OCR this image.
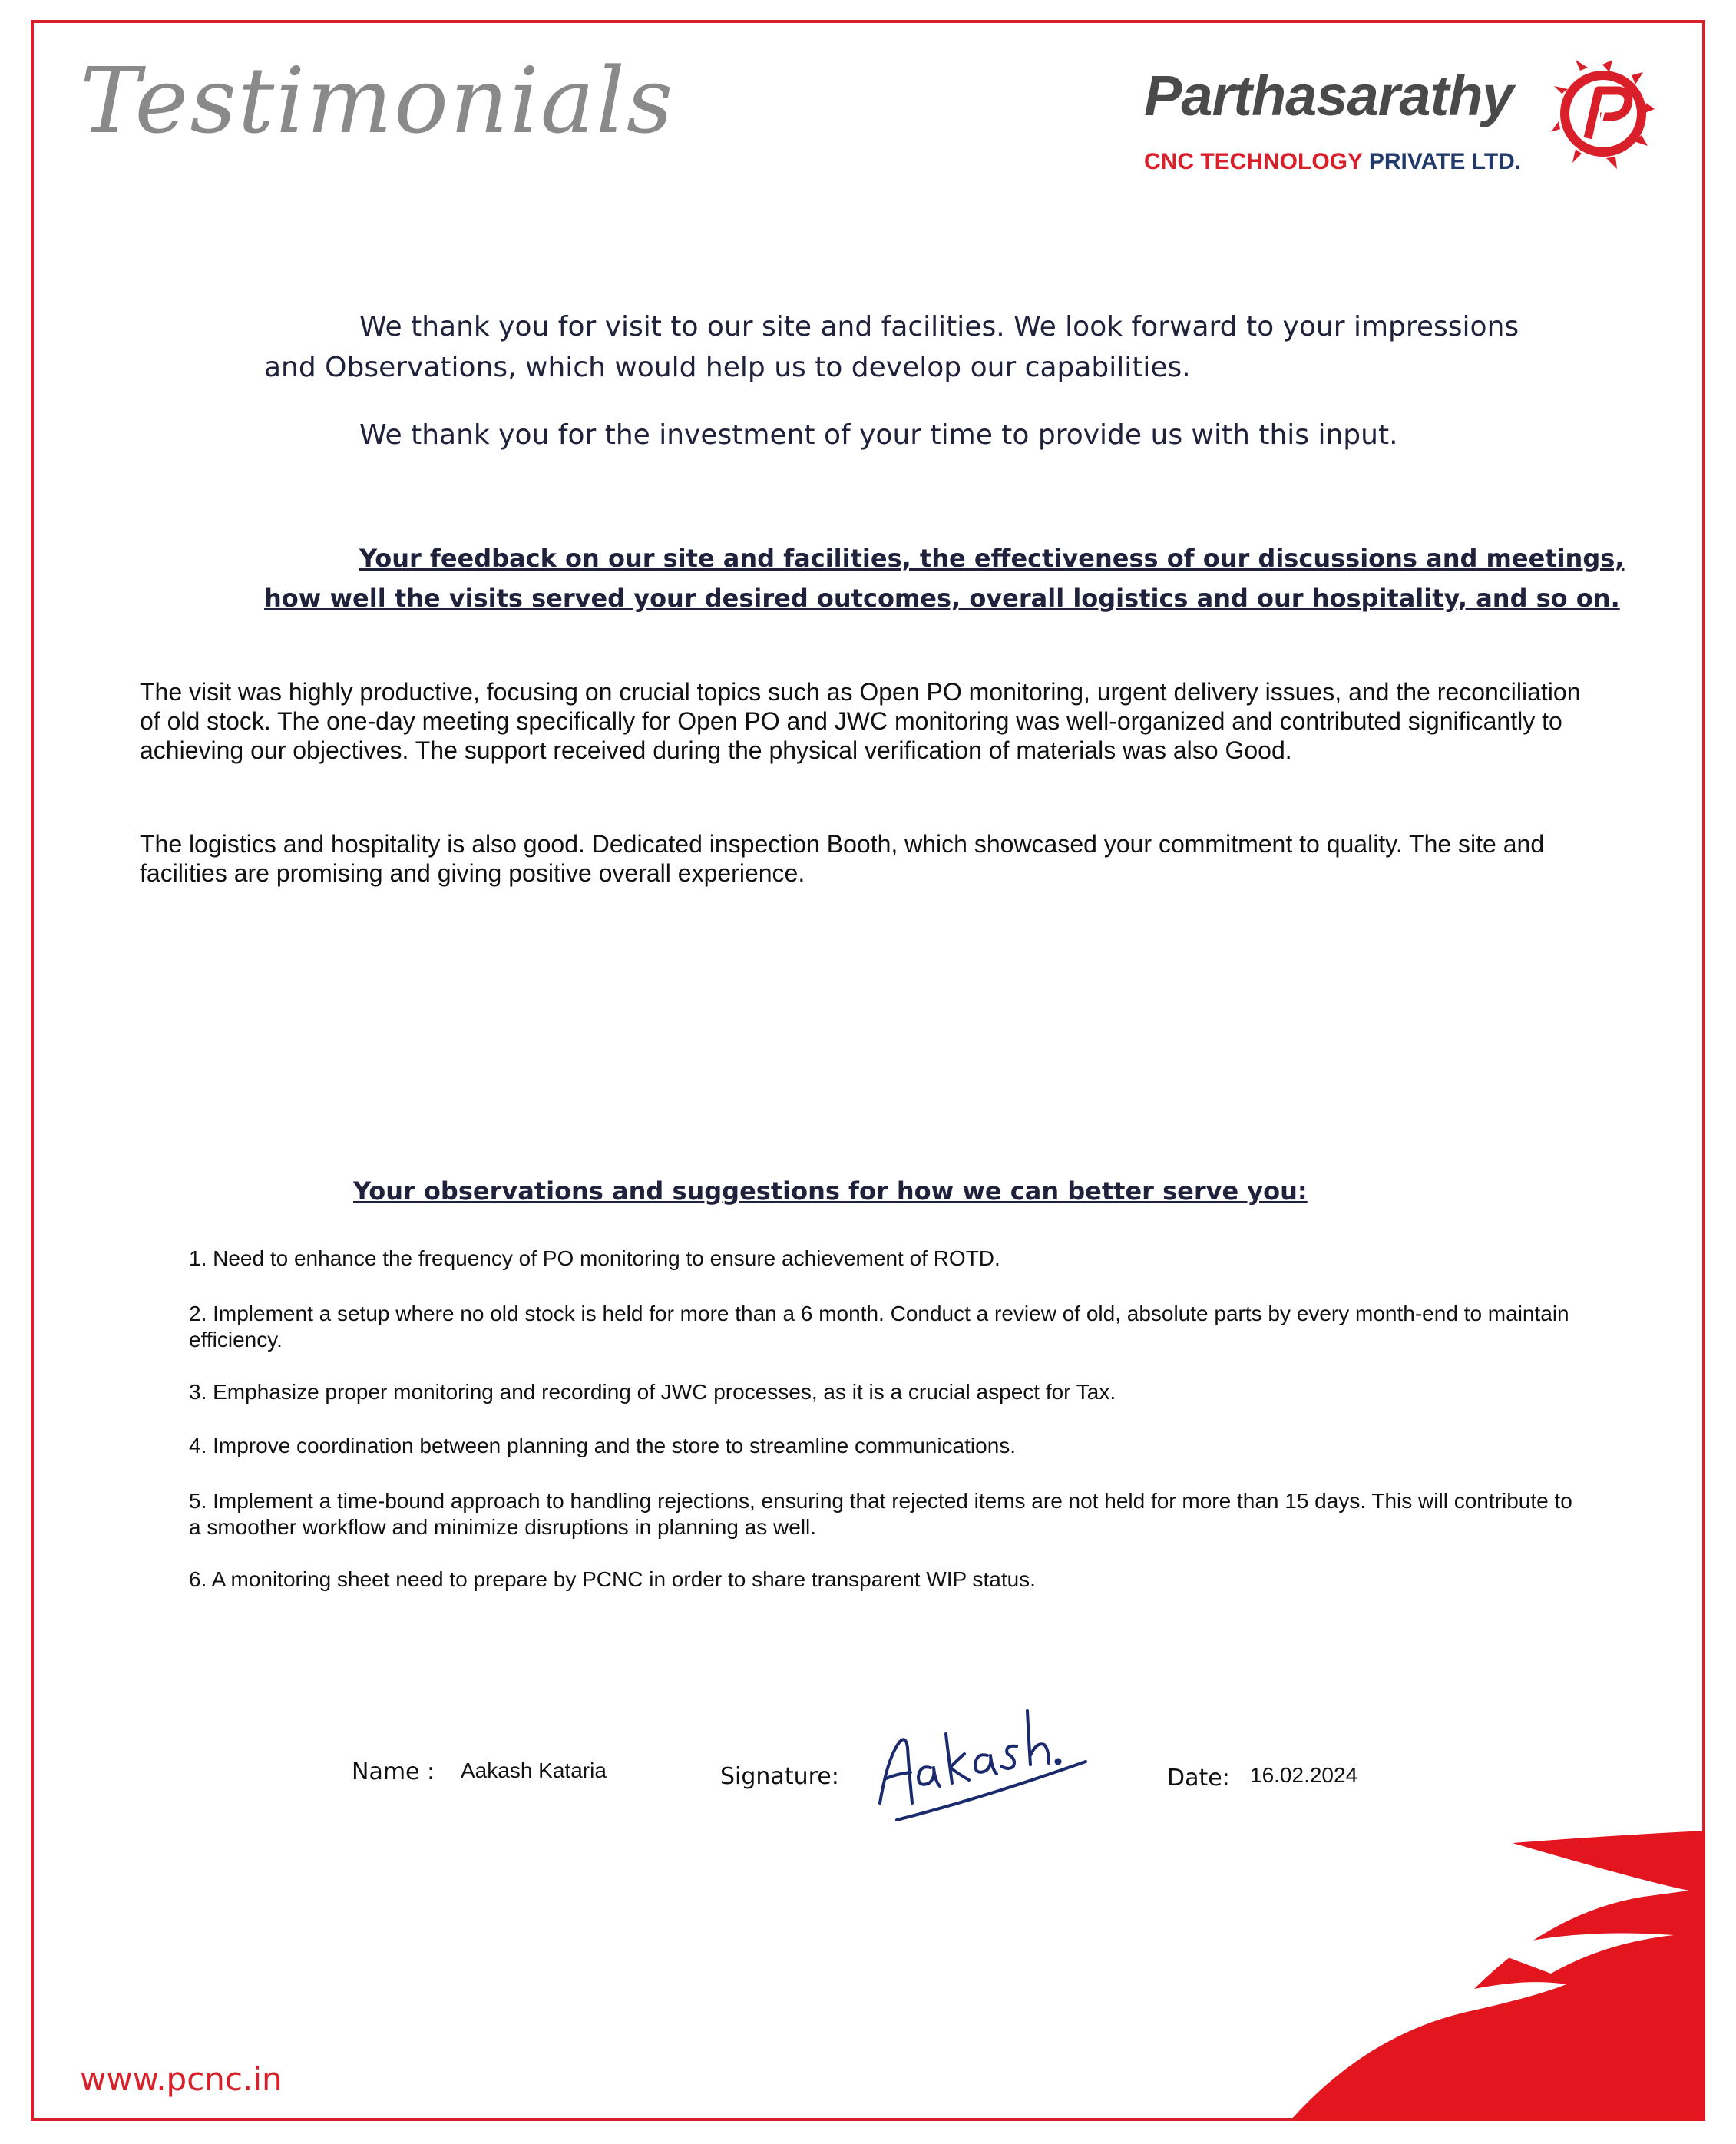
Testimonials	Parthasarathy
CNC TECHNOLOGY PRIVATE LTD.
We thank you for visit to our site and facilities. We look forward to your impressions
and Observations, which would help us to develop our capabilities.
We thank you for the investment of your time to provide us with this input.
Your feedback on our site and facilities, the effectiveness of our discussions and meetings,
how well the visits served your desired outcomes, overall logistics and our hospitality, and so on.
The visit was highly productive, focusing on crucial topics such as Open PO monitoring, urgent delivery issues, and the reconciliation of old stock. The one-day meeting specifically for Open PO and JWC monitoring was well-organized and contributed significantly to achieving our objectives. The support received during the physical verification of materials was also Good.
The logistics and hospitality is also good. Dedicated inspection Booth, which showcased your commitment to quality. The site and facilities are promising and giving positive overall experience.
Your observations and suggestions for how we can better serve you:
1. Need to enhance the frequency of PO monitoring to ensure achievement of ROTD.
2. Implement a setup where no old stock is held for more than a 6 month. Conduct a review of old, absolute parts by every month-end to maintain efficiency.
3. Emphasize proper monitoring and recording of JWC processes, as it is a crucial aspect for Tax.
4. Improve coordination between planning and the store to streamline communications.
5. Implement a time-bound approach to handling rejections, ensuring that rejected items are not held for more than 15 days. This will contribute to a smoother workflow and minimize disruptions in planning as well.
6. A monitoring sheet need to prepare by PCNC in order to share transparent WIP status.
Name : Aakash Kataria	Signature:	Date: 16.02.2024
www.pcnc.in
